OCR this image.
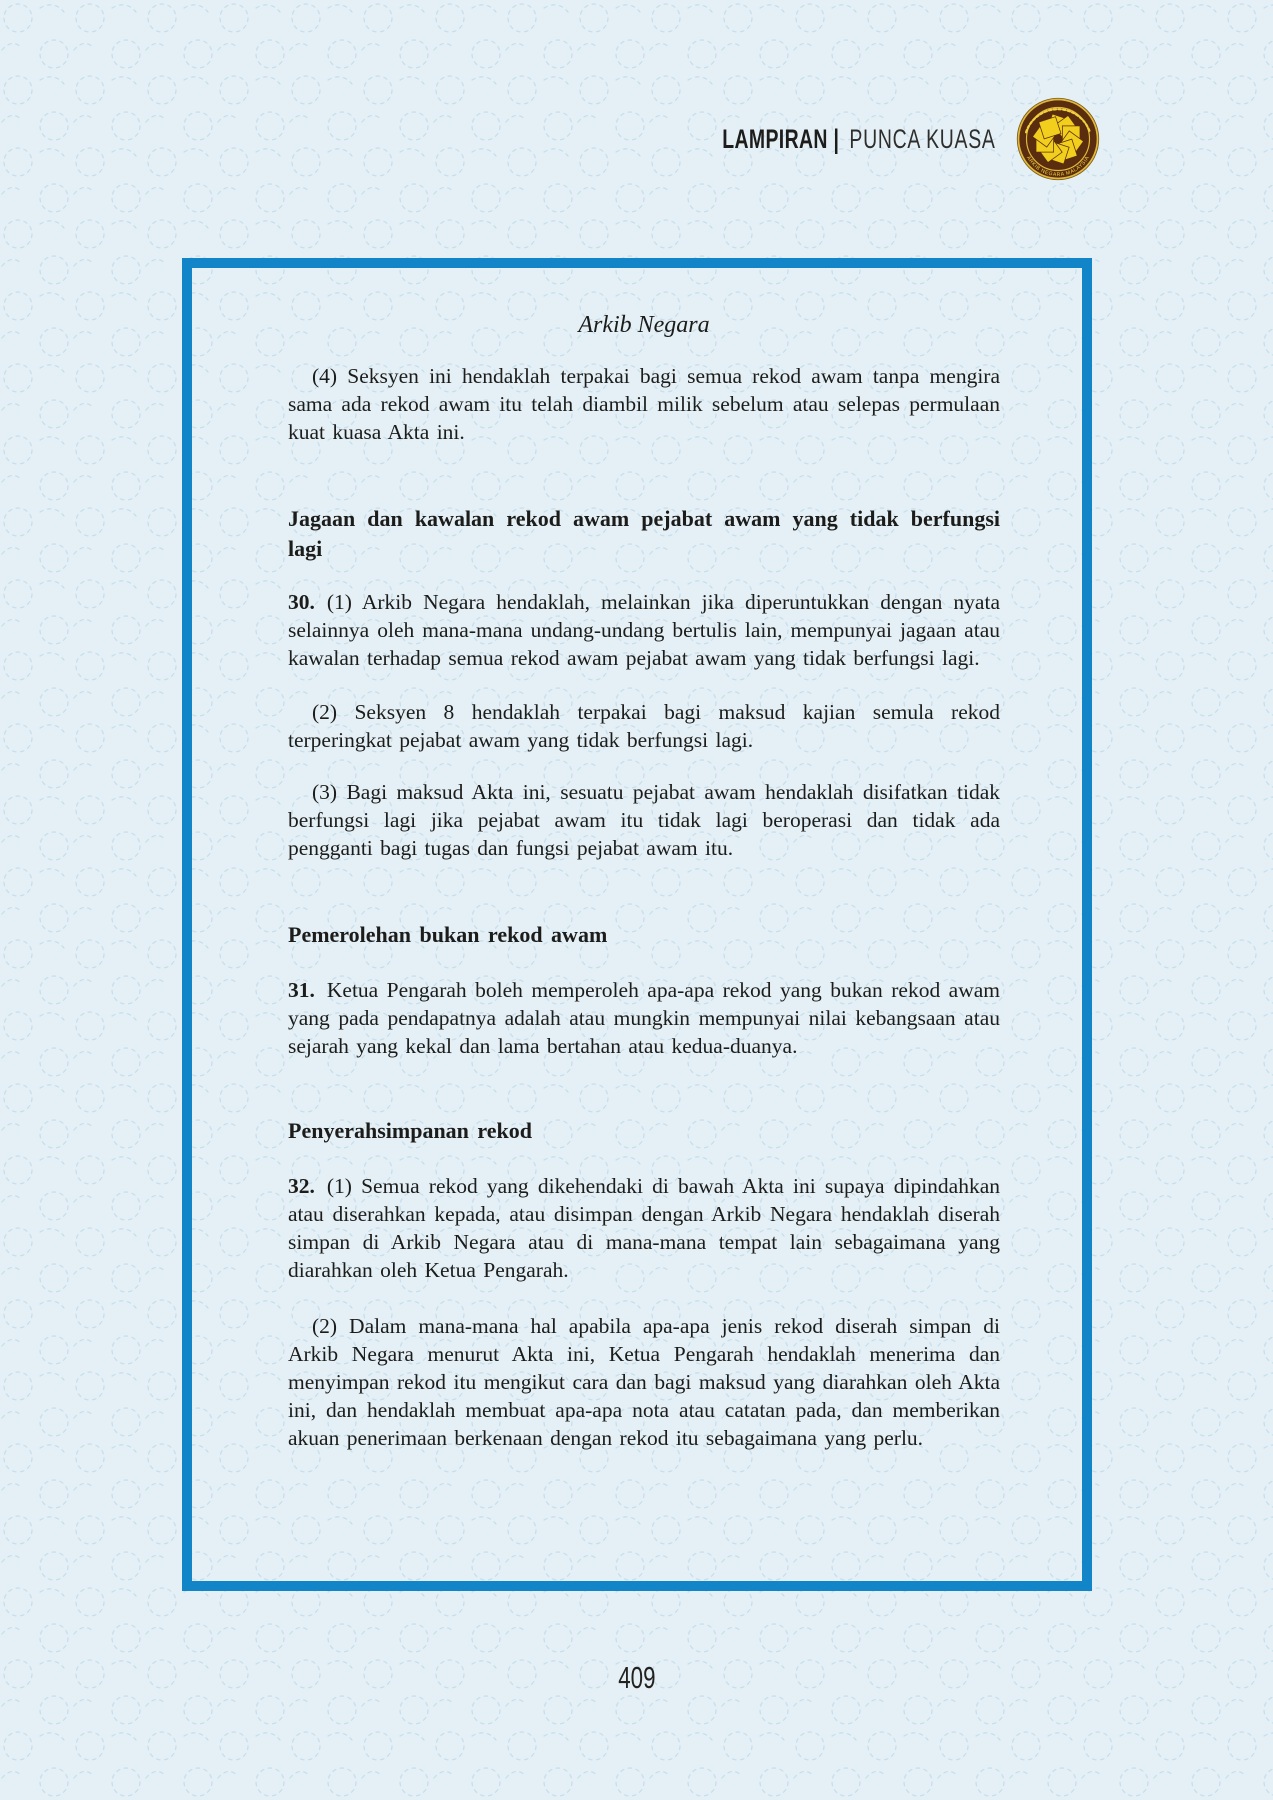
LAMPIRAN | PUNCA KUASA
ARKIB NEGARA MALAYSIA
Arkib Negara

(4) Seksyen ini hendaklah terpakai bagi semua rekod awam tanpa mengira sama ada rekod awam itu telah diambil milik sebelum atau selepas permulaan kuat kuasa Akta ini.

Jagaan dan kawalan rekod awam pejabat awam yang tidak berfungsi lagi

30. (1) Arkib Negara hendaklah, melainkan jika diperuntukkan dengan nyata selainnya oleh mana-mana undang-undang bertulis lain, mempunyai jagaan atau kawalan terhadap semua rekod awam pejabat awam yang tidak berfungsi lagi.

(2) Seksyen 8 hendaklah terpakai bagi maksud kajian semula rekod terperingkat pejabat awam yang tidak berfungsi lagi.

(3) Bagi maksud Akta ini, sesuatu pejabat awam hendaklah disifatkan tidak berfungsi lagi jika pejabat awam itu tidak lagi beroperasi dan tidak ada pengganti bagi tugas dan fungsi pejabat awam itu.

Pemerolehan bukan rekod awam

31. Ketua Pengarah boleh memperoleh apa-apa rekod yang bukan rekod awam yang pada pendapatnya adalah atau mungkin mempunyai nilai kebangsaan atau sejarah yang kekal dan lama bertahan atau kedua-duanya.

Penyerahsimpanan rekod

32. (1) Semua rekod yang dikehendaki di bawah Akta ini supaya dipindahkan atau diserahkan kepada, atau disimpan dengan Arkib Negara hendaklah diserah simpan di Arkib Negara atau di mana-mana tempat lain sebagaimana yang diarahkan oleh Ketua Pengarah.

(2) Dalam mana-mana hal apabila apa-apa jenis rekod diserah simpan di Arkib Negara menurut Akta ini, Ketua Pengarah hendaklah menerima dan menyimpan rekod itu mengikut cara dan bagi maksud yang diarahkan oleh Akta ini, dan hendaklah membuat apa-apa nota atau catatan pada, dan memberikan akuan penerimaan berkenaan dengan rekod itu sebagaimana yang perlu.

409
